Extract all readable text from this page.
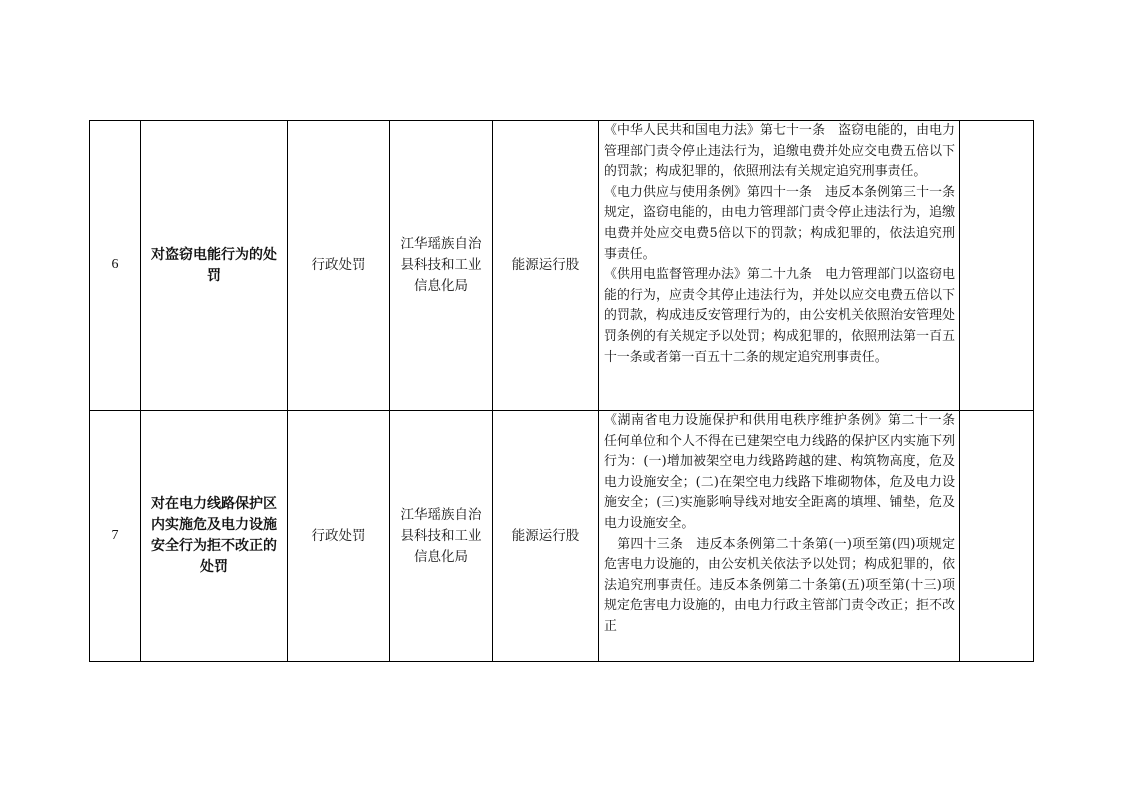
6	对盗窃电能行为的处罚	行政处罚	江华瑶族自治县科技和工业信息化局	能源运行股	《中华人民共和国电力法》第七十一条　盗窃电能的，由电力管理部门责令停止违法行为，追缴电费并处应交电费五倍以下的罚款；构成犯罪的，依照刑法有关规定追究刑事责任。

《电力供应与使用条例》第四十一条　违反本条例第三十一条规定，盗窃电能的，由电力管理部门责令停止违法行为，追缴电费并处应交电费5倍以下的罚款；构成犯罪的，依法追究刑事责任。

《供用电监督管理办法》第二十九条　电力管理部门以盗窃电能的行为，应责令其停止违法行为，并处以应交电费五倍以下的罚款，构成违反安管理行为的，由公安机关依照治安管理处罚条例的有关规定予以处罚；构成犯罪的，依照刑法第一百五十一条或者第一百五十二条的规定追究刑事责任。	

7	对在电力线路保护区内实施危及电力设施安全行为拒不改正的处罚	行政处罚	江华瑶族自治县科技和工业信息化局	能源运行股	《湖南省电力设施保护和供用电秩序维护条例》第二十一条　任何单位和个人不得在已建架空电力线路的保护区内实施下列行为：(一)增加被架空电力线路跨越的建、构筑物高度，危及电力设施安全；(二)在架空电力线路下堆砌物体，危及电力设施安全；(三)实施影响导线对地安全距离的填埋、铺垫，危及电力设施安全。

　第四十三条　违反本条例第二十条第(一)项至第(四)项规定危害电力设施的，由公安机关依法予以处罚；构成犯罪的，依法追究刑事责任。违反本条例第二十条第(五)项至第(十三)项规定危害电力设施的，由电力行政主管部门责令改正；拒不改正	
